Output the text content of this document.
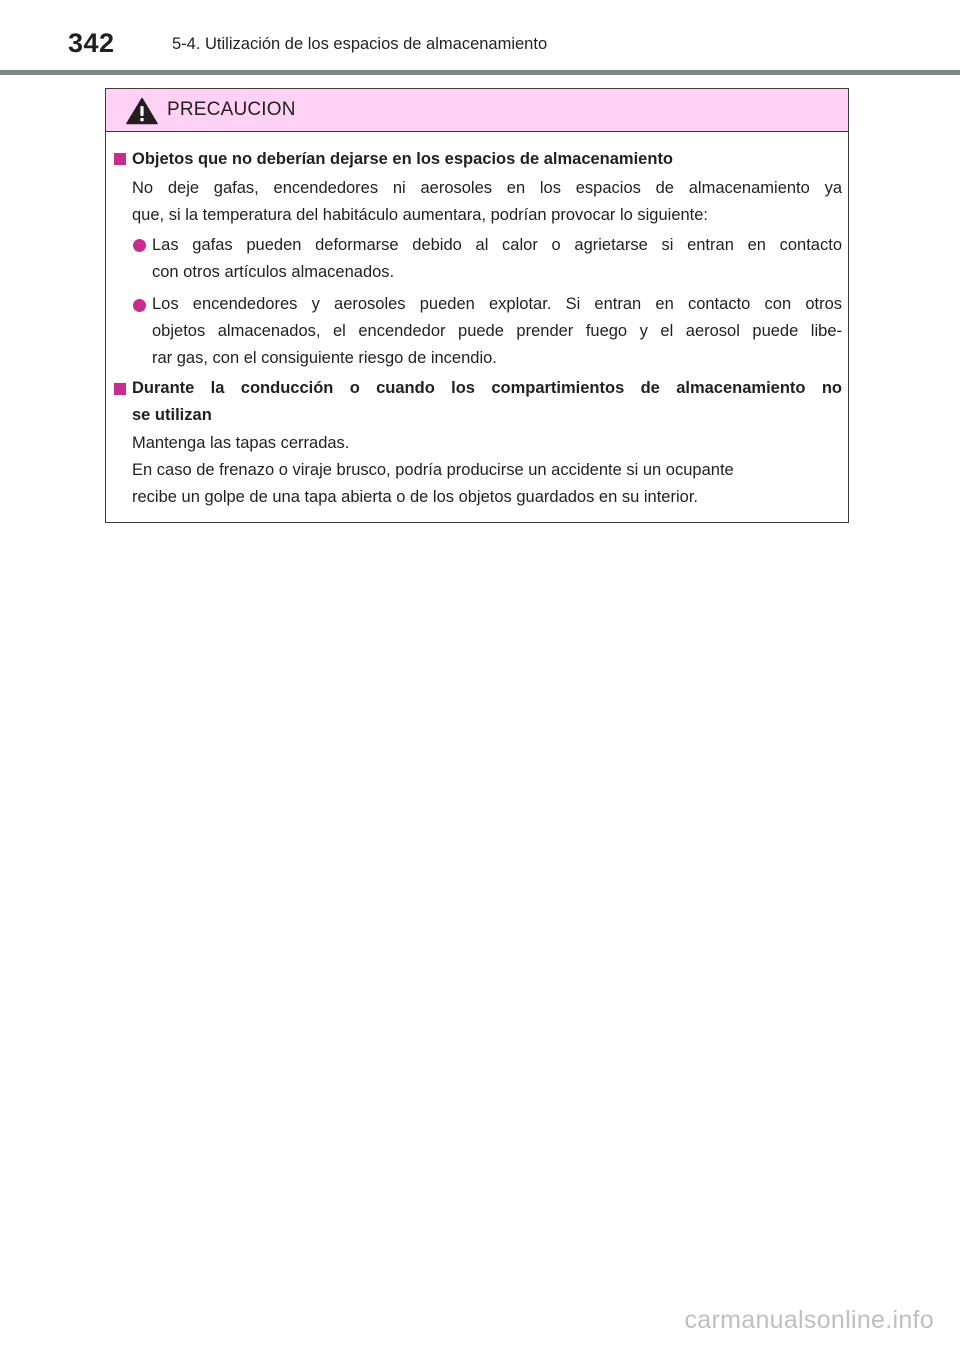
342	5-4. Utilización de los espacios de almacenamiento
PRECAUCION
Objetos que no deberían dejarse en los espacios de almacenamiento
No deje gafas, encendedores ni aerosoles en los espacios de almacenamiento ya
que, si la temperatura del habitáculo aumentara, podrían provocar lo siguiente:
Las gafas pueden deformarse debido al calor o agrietarse si entran en contacto
con otros artículos almacenados.
Los encendedores y aerosoles pueden explotar. Si entran en contacto con otros
objetos almacenados, el encendedor puede prender fuego y el aerosol puede libe-
rar gas, con el consiguiente riesgo de incendio.
Durante la conducción o cuando los compartimientos de almacenamiento no
se utilizan
Mantenga las tapas cerradas.
En caso de frenazo o viraje brusco, podría producirse un accidente si un ocupante
recibe un golpe de una tapa abierta o de los objetos guardados en su interior.
carmanualsonline.info
